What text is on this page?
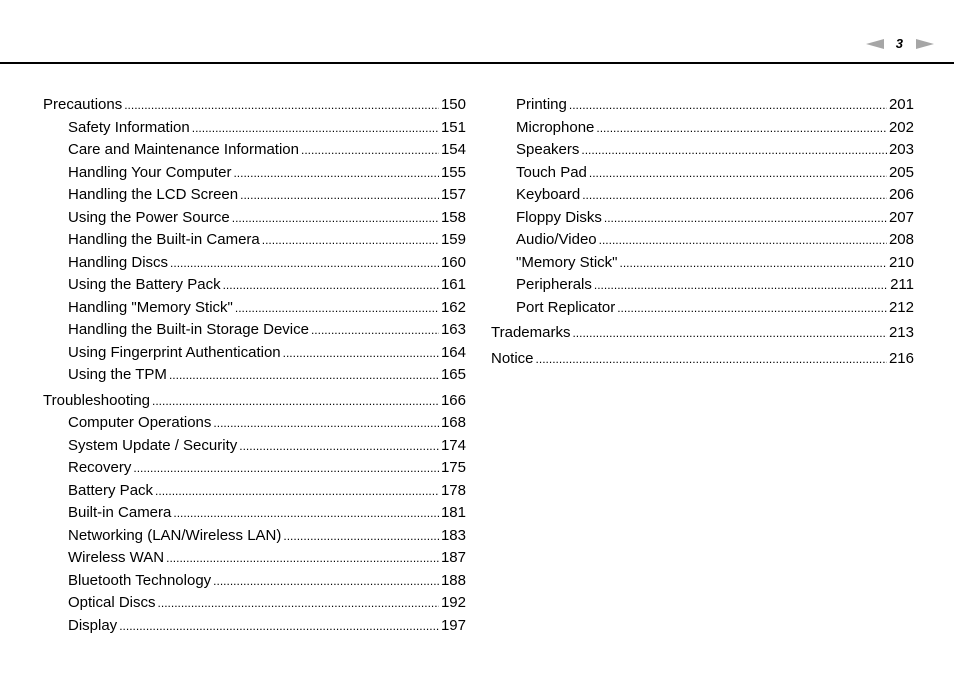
3
Precautions .....	150
Safety Information .....	151
Care and Maintenance Information .....	154
Handling Your Computer .....	155
Handling the LCD Screen .....	157
Using the Power Source .....	158
Handling the Built-in Camera .....	159
Handling Discs .....	160
Using the Battery Pack .....	161
Handling "Memory Stick" .....	162
Handling the Built-in Storage Device .....	163
Using Fingerprint Authentication .....	164
Using the TPM .....	165
Troubleshooting .....	166
Computer Operations .....	168
System Update / Security .....	174
Recovery .....	175
Battery Pack .....	178
Built-in Camera .....	181
Networking (LAN/Wireless LAN) .....	183
Wireless WAN .....	187
Bluetooth Technology .....	188
Optical Discs .....	192
Display .....	197
Printing .....	201
Microphone .....	202
Speakers .....	203
Touch Pad .....	205
Keyboard .....	206
Floppy Disks .....	207
Audio/Video .....	208
"Memory Stick" .....	210
Peripherals .....	211
Port Replicator .....	212
Trademarks .....	213
Notice .....	216
